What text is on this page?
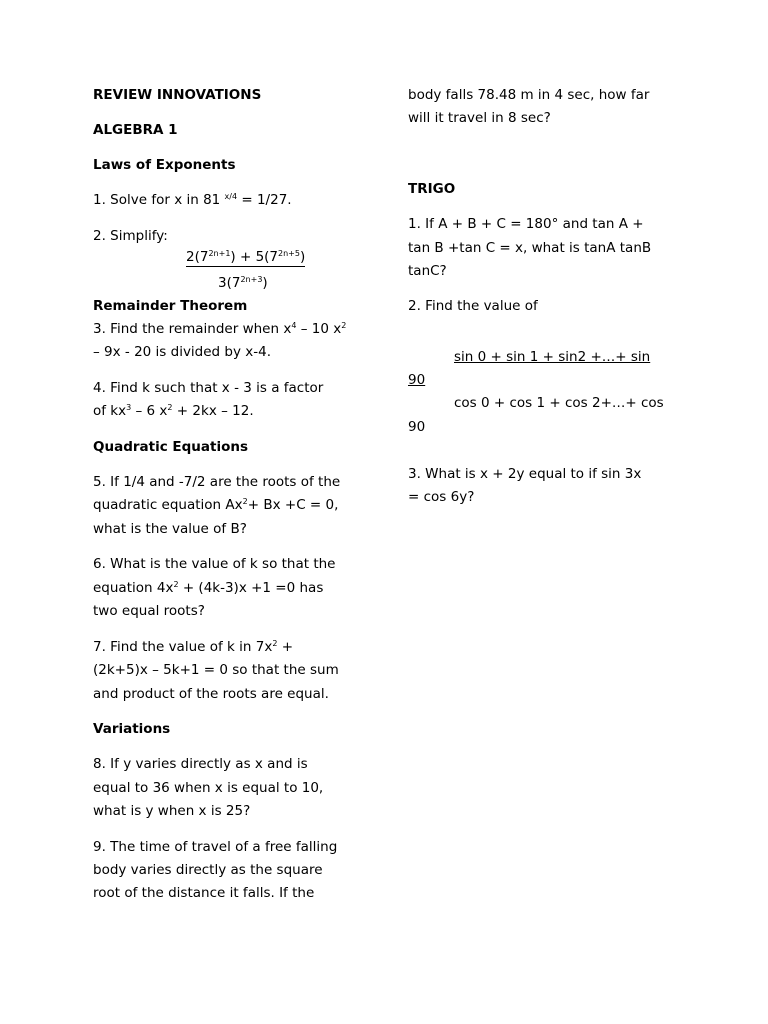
REVIEW INNOVATIONS

ALGEBRA 1

Laws of Exponents

1. Solve for x in 81 $^{x/4}$ = 1/27.

2. Simplify:

$2(7^{2n+1}) + 5(7^{2n+5})$

$3(7^{2n+3})$

Remainder Theorem

3. Find the remainder when $x^4 - 10$ $x^2$

– 9x - 20 is divided by x-4.

4. Find k such that x - 3 is a factor

of $kx^3 - 6$ $x^2 + 2kx - 12$.

Quadratic Equations

5. If 1/4 and -7/2 are the roots of the

quadratic equation $Ax^2+ Bx +C = 0$,

what is the value of B?

6. What is the value of k so that the

equation $4x^2 + (4k-3)x +1 =0$ has

two equal roots?

7. Find the value of k in $7x^2$ +

(2k+5)x – 5k+1 = 0 so that the sum

and product of the roots are equal.

Variations

8. If y varies directly as x and is

equal to 36 when x is equal to 10,

what is y when x is 25?

9. The time of travel of a free falling

body varies directly as the square

root of the distance it falls. If the

body falls 78.48 m in 4 sec, how far

will it travel in 8 sec?

TRIGO

1. If A + B + C = 180° and tan A +

tan B +tan C = x, what is tanA tanB

tanC?

2. Find the value of

sin 0 + sin 1 + sin2 +…+ sin

90

cos 0 + cos 1 + cos 2+…+ cos

90

3. What is x + 2y equal to if sin 3x

= cos 6y?
